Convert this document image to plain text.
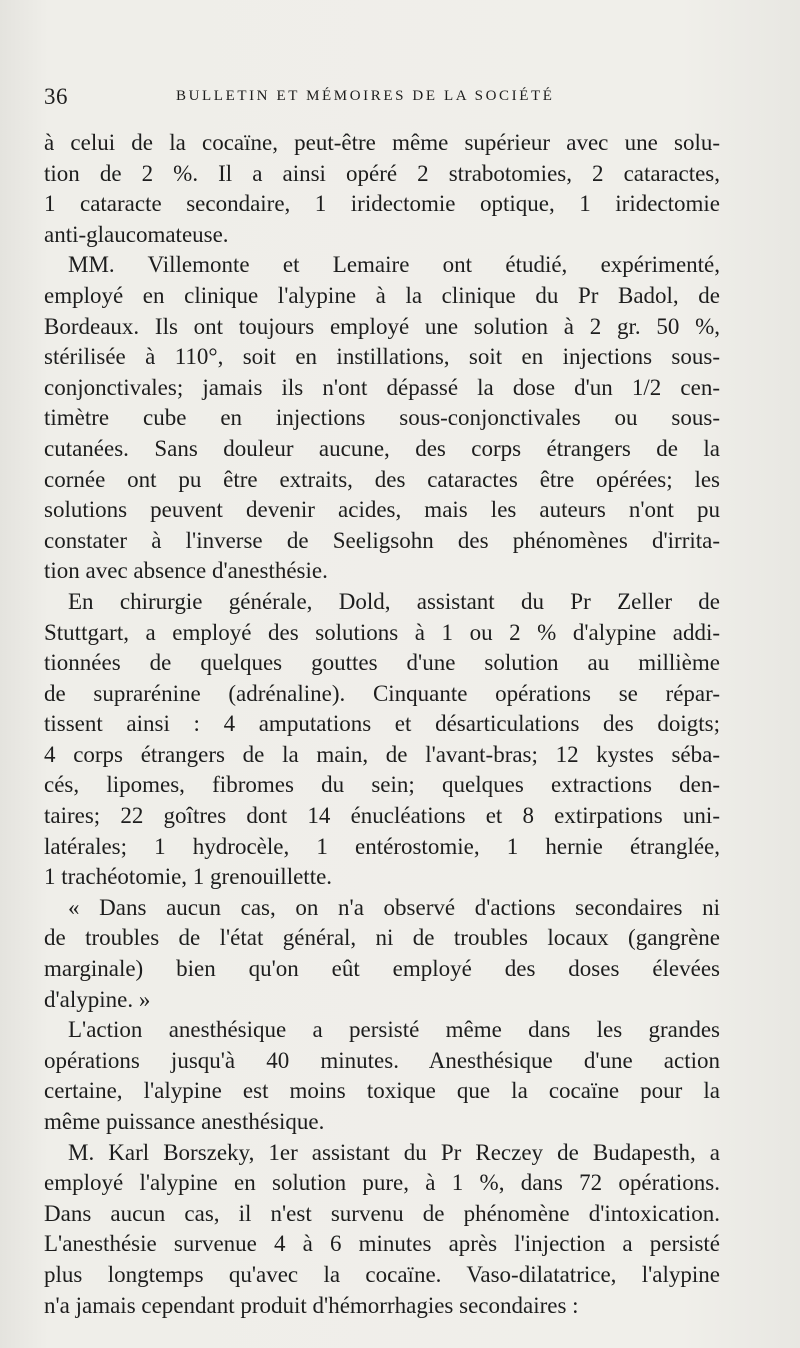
36	BULLETIN ET MÉMOIRES DE LA SOCIÉTÉ
à celui de la cocaïne, peut-être même supérieur avec une solu-
tion de 2 %. Il a ainsi opéré 2 strabotomies, 2 cataractes,
1 cataracte secondaire, 1 iridectomie optique, 1 iridectomie
anti-glaucomateuse.
MM. Villemonte et Lemaire ont étudié, expérimenté,
employé en clinique l'alypine à la clinique du Pr Badol, de
Bordeaux. Ils ont toujours employé une solution à 2 gr. 50 %,
stérilisée à 110°, soit en instillations, soit en injections sous-
conjonctivales; jamais ils n'ont dépassé la dose d'un 1/2 cen-
timètre cube en injections sous-conjonctivales ou sous-
cutanées. Sans douleur aucune, des corps étrangers de la
cornée ont pu être extraits, des cataractes être opérées; les
solutions peuvent devenir acides, mais les auteurs n'ont pu
constater à l'inverse de Seeligsohn des phénomènes d'irrita-
tion avec absence d'anesthésie.
En chirurgie générale, Dold, assistant du Pr Zeller de
Stuttgart, a employé des solutions à 1 ou 2 % d'alypine addi-
tionnées de quelques gouttes d'une solution au millième
de suprarénine (adrénaline). Cinquante opérations se répar-
tissent ainsi : 4 amputations et désarticulations des doigts;
4 corps étrangers de la main, de l'avant-bras; 12 kystes séba-
cés, lipomes, fibromes du sein; quelques extractions den-
taires; 22 goîtres dont 14 énucléations et 8 extirpations uni-
latérales; 1 hydrocèle, 1 entérostomie, 1 hernie étranglée,
1 trachéotomie, 1 grenouillette.
« Dans aucun cas, on n'a observé d'actions secondaires ni
de troubles de l'état général, ni de troubles locaux (gangrène
marginale) bien qu'on eût employé des doses élevées
d'alypine. »
L'action anesthésique a persisté même dans les grandes
opérations jusqu'à 40 minutes. Anesthésique d'une action
certaine, l'alypine est moins toxique que la cocaïne pour la
même puissance anesthésique.
M. Karl Borszeky, 1er assistant du Pr Reczey de Budapesth, a
employé l'alypine en solution pure, à 1 %, dans 72 opérations.
Dans aucun cas, il n'est survenu de phénomène d'intoxication.
L'anesthésie survenue 4 à 6 minutes après l'injection a persisté
plus longtemps qu'avec la cocaïne. Vaso-dilatatrice, l'alypine
n'a jamais cependant produit d'hémorrhagies secondaires :
